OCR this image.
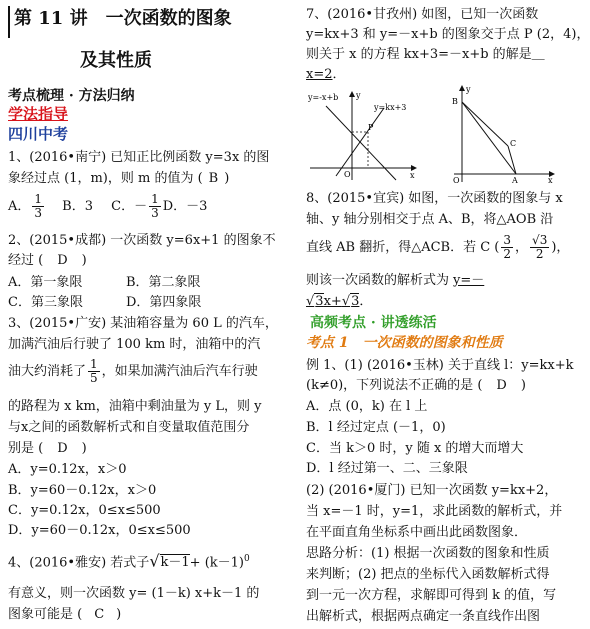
第 11 讲　一次函数的图象
及其性质
考点梳理 · 方法归纳
学法指导
四川中考
1、(2016•南宁) 已知正比例函数 y=3x 的图
象经过点 (1，m)，则 m 的值为 ( B )
A． $\frac{1}{3}$ B．3 C．－ $\frac{1}{3}$ D．－3
2、(2015•成都) 一次函数 y=6x+1 的图象不
经过 ( D )
A．第一象限	B．第二象限
C．第三象限	D．第四象限
3、(2015•广安) 某油箱容量为 60 L 的汽车，
加满汽油后行驶了 100 km 时，油箱中的汽
油大约消耗了 $\frac{1}{5}$ ，如果加满汽油后汽车行驶
的路程为 x km，油箱中剩油量为 y L，则 y
与x之间的函数解析式和自变量取值范围分
别是 ( D )
A．y=0.12x，x＞0
B．y=60－0.12x，x＞0
C．y=0.12x，0≤x≤500
D．y=60－0.12x，0≤x≤500
4、(2016•雅安) 若式子$√k-1+ (k-1)^0$
有意义，则一次函数 y= (1－k) x+k－1 的
图象可能是 ( C )
7、(2016•甘孜州) 如图，已知一次函数
y=kx+3 和 y=－x+b 的图象交于点 P (2，4)，
则关于 x 的方程 kx+3=－x+b 的解是＿
x=2．
y=-x+b
y=kx+3
P
O	x
y
y
B
C
O	A	x
8、(2015•宜宾) 如图，一次函数的图象与 x
轴、y 轴分别相交于点 A、B，将△AOB 沿
直线 AB 翻折，得△ACB．若 C ( $\frac{3}{2}$ ， $\frac{√3}{2}$ )，
则该一次函数的解析式为 y=－
√3x+√3．
高频考点 · 讲透练活
考点 1　一次函数的图象和性质
例 1、(1) (2016•玉林) 关于直线 l：y=kx+k
(k≠0)，下列说法不正确的是 ( D )
A．点 (0，k) 在 l 上
B．l 经过定点 (－1，0)
C．当 k＞0 时，y 随 x 的增大而增大
D．l 经过第一、二、三象限
(2) (2016•厦门) 已知一次函数 y=kx+2，
当 x=－1 时，y=1，求此函数的解析式，并
在平面直角坐标系中画出此函数图象．
思路分析：(1) 根据一次函数的图象和性质
来判断；(2) 把点的坐标代入函数解析式得
到一元一次方程，求解即可得到 k 的值，写
出解析式，根据两点确定一条直线作出图
